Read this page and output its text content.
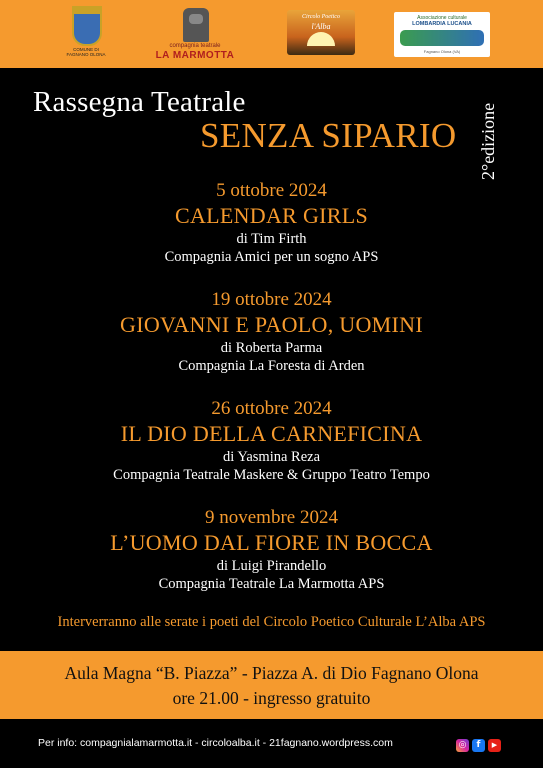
COMUNE DI FAGNANO OLONA
compagnia teatrale
LA MARMOTTA
Circolo Poetico
l'Alba
Associazione culturale
LOMBARDIA LUCANIA
Fagnano Olona (VA)
Rassegna Teatrale
SENZA SIPARIO 2°edizione
5 ottobre 2024
CALENDAR GIRLS
di Tim Firth
Compagnia Amici per un sogno APS
19 ottobre 2024
GIOVANNI E PAOLO, UOMINI
di Roberta Parma
Compagnia La Foresta di Arden
26 ottobre 2024
IL DIO DELLA CARNEFICINA
di Yasmina Reza
Compagnia Teatrale Maskere & Gruppo Teatro Tempo
9 novembre 2024
L’UOMO DAL FIORE IN BOCCA
di Luigi Pirandello
Compagnia Teatrale La Marmotta APS
Interverranno alle serate i poeti del Circolo Poetico Culturale L’Alba APS
Aula Magna “B. Piazza” - Piazza A. di Dio Fagnano Olona
ore 21.00 - ingresso gratuito
Per info: compagnialamarmotta.it - circoloalba.it - 21fagnano.wordpress.com	◎	f	▶
